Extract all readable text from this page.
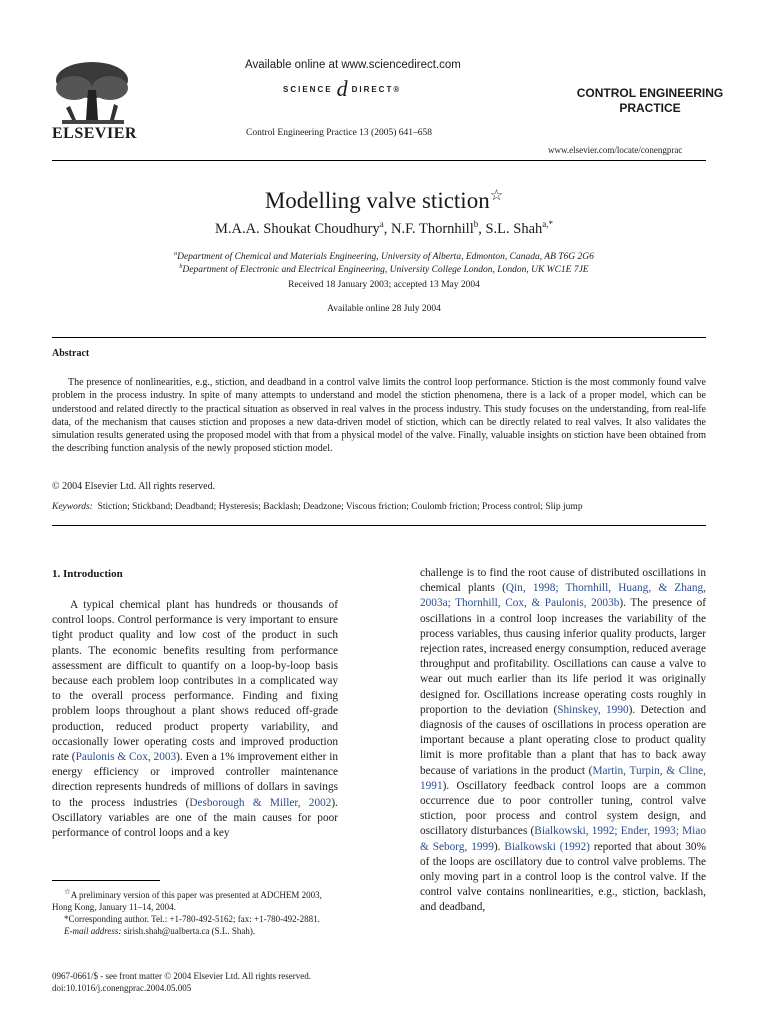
ELSEVIER
Available online at www.sciencedirect.com
SCIENCE d DIRECT®
Control Engineering Practice 13 (2005) 641–658
CONTROL ENGINEERING
PRACTICE
www.elsevier.com/locate/conengprac
Modelling valve stiction☆
M.A.A. Shoukat Choudhury$^a$, N.F. Thornhill$^b$, S.L. Shah$^{a,*}$
$^a$Department of Chemical and Materials Engineering, University of Alberta, Edmonton, Canada, AB T6G 2G6
$^b$Department of Electronic and Electrical Engineering, University College London, London, UK WC1E 7JE
Received 18 January 2003; accepted 13 May 2004
Available online 28 July 2004
Abstract
The presence of nonlinearities, e.g., stiction, and deadband in a control valve limits the control loop performance. Stiction is the most commonly found valve problem in the process industry. In spite of many attempts to understand and model the stiction phenomena, there is a lack of a proper model, which can be understood and related directly to the practical situation as observed in real valves in the process industry. This study focuses on the understanding, from real-life data, of the mechanism that causes stiction and proposes a new data-driven model of stiction, which can be directly related to real valves. It also validates the simulation results generated using the proposed model with that from a physical model of the valve. Finally, valuable insights on stiction have been obtained from the describing function analysis of the newly proposed stiction model.
© 2004 Elsevier Ltd. All rights reserved.
Keywords: Stiction; Stickband; Deadband; Hysteresis; Backlash; Deadzone; Viscous friction; Coulomb friction; Process control; Slip jump
1. Introduction
A typical chemical plant has hundreds or thousands of control loops. Control performance is very important to ensure tight product quality and low cost of the product in such plants. The economic benefits resulting from performance assessment are difficult to quantify on a loop-by-loop basis because each problem loop contributes in a complicated way to the overall process performance. Finding and fixing problem loops throughout a plant shows reduced off-grade production, reduced product property variability, and occasionally lower operating costs and improved production rate (Paulonis & Cox, 2003). Even a 1% improvement either in energy efficiency or improved controller maintenance direction represents hundreds of millions of dollars in savings to the process industries (Desborough & Miller, 2002). Oscillatory variables are one of the main causes for poor performance of control loops and a key
challenge is to find the root cause of distributed oscillations in chemical plants (Qin, 1998; Thornhill, Huang, & Zhang, 2003a; Thornhill, Cox, & Paulonis, 2003b). The presence of oscillations in a control loop increases the variability of the process variables, thus causing inferior quality products, larger rejection rates, increased energy consumption, reduced average throughput and profitability. Oscillations can cause a valve to wear out much earlier than its life period it was originally designed for. Oscillations increase operating costs roughly in proportion to the deviation (Shinskey, 1990). Detection and diagnosis of the causes of oscillations in process operation are important because a plant operating close to product quality limit is more profitable than a plant that has to back away because of variations in the product (Martin, Turpin, & Cline, 1991). Oscillatory feedback control loops are a common occurrence due to poor controller tuning, control valve stiction, poor process and control system design, and oscillatory disturbances (Bialkowski, 1992; Ender, 1993; Miao & Seborg, 1999). Bialkowski (1992) reported that about 30% of the loops are oscillatory due to control valve problems. The only moving part in a control loop is the control valve. If the control valve contains nonlinearities, e.g., stiction, backlash, and deadband,

☆A preliminary version of this paper was presented at ADCHEM 2003, Hong Kong, January 11–14, 2004.

*Corresponding author. Tel.: +1-780-492-5162; fax: +1-780-492-2881.

E-mail address: sirish.shah@ualberta.ca (S.L. Shah).

0967-0661/$ - see front matter © 2004 Elsevier Ltd. All rights reserved.
doi:10.1016/j.conengprac.2004.05.005
